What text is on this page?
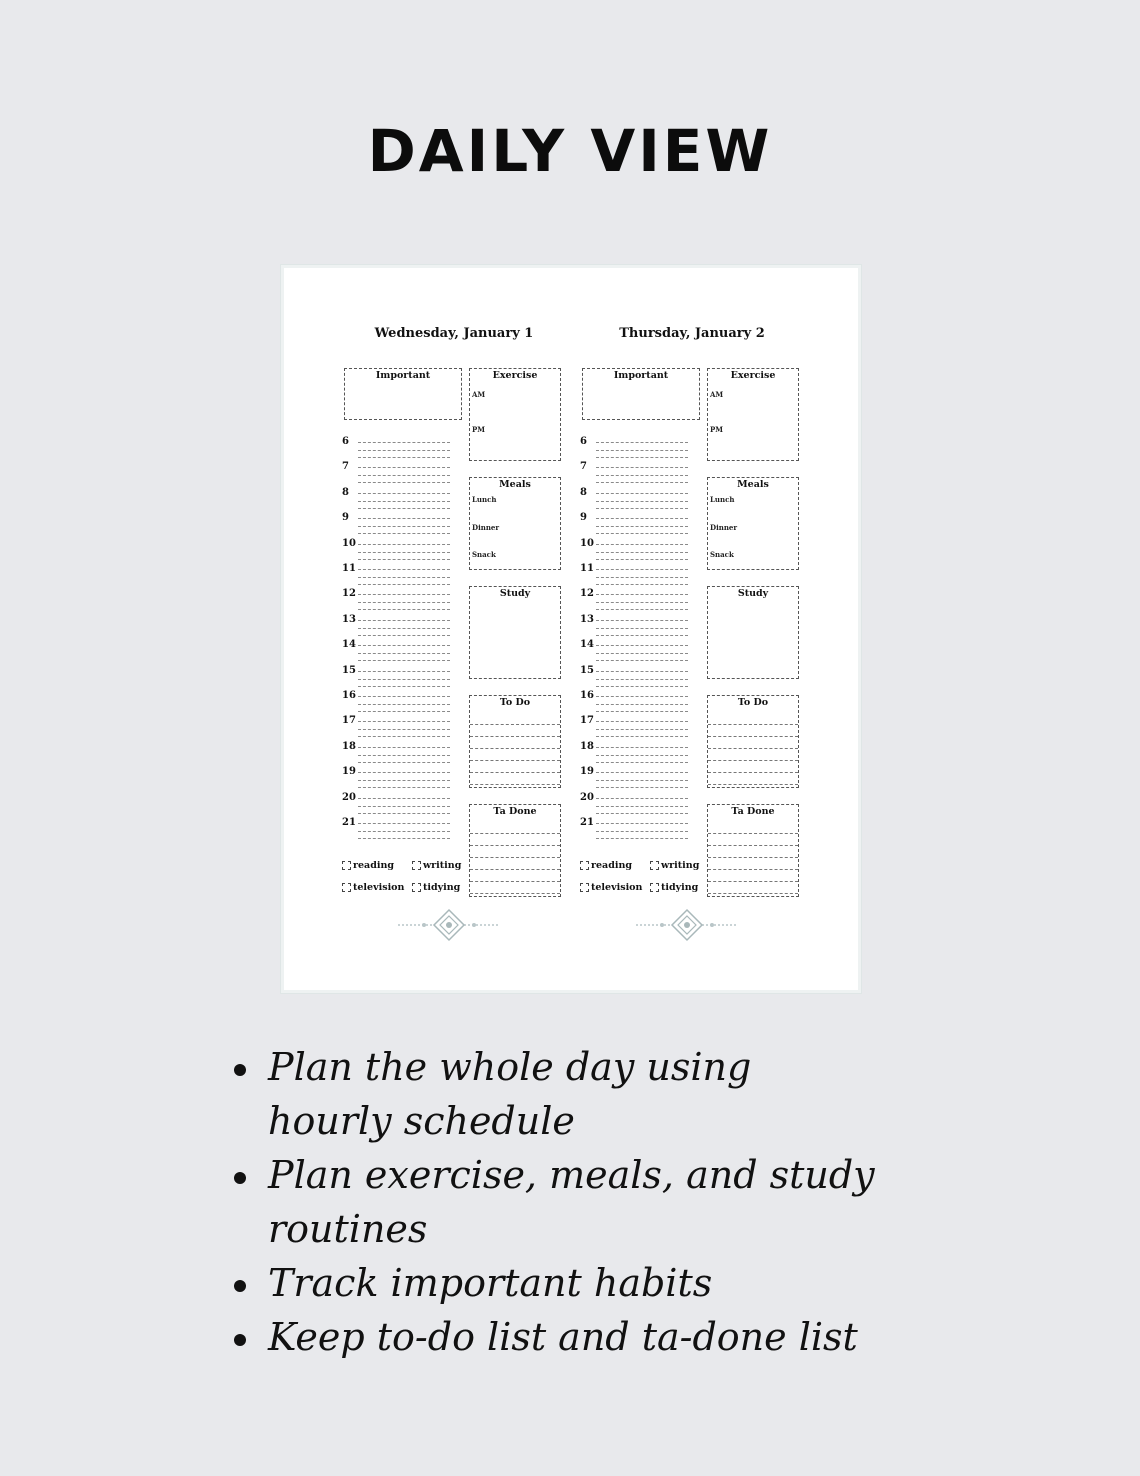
DAILY VIEW
Wednesday, January 1
Important	Exercise
AM
PM
Meals
Lunch
Dinner
Snack
Study
To Do
Ta Done
6
7
8
9
10
11
12
13
14
15
16
17
18
19
20
21
reading	writing
television tidying
Thursday, January 2
Important	Exercise
AM
PM
Meals
Lunch
Dinner
Snack
Study
To Do
Ta Done
6
7
8
9
10
11
12
13
14
15
16
17
18
19
20
21
reading	writing
television tidying
Plan the whole day using hourly schedule
Plan exercise, meals, and study routines
Track important habits
Keep to-do list and ta-done list
